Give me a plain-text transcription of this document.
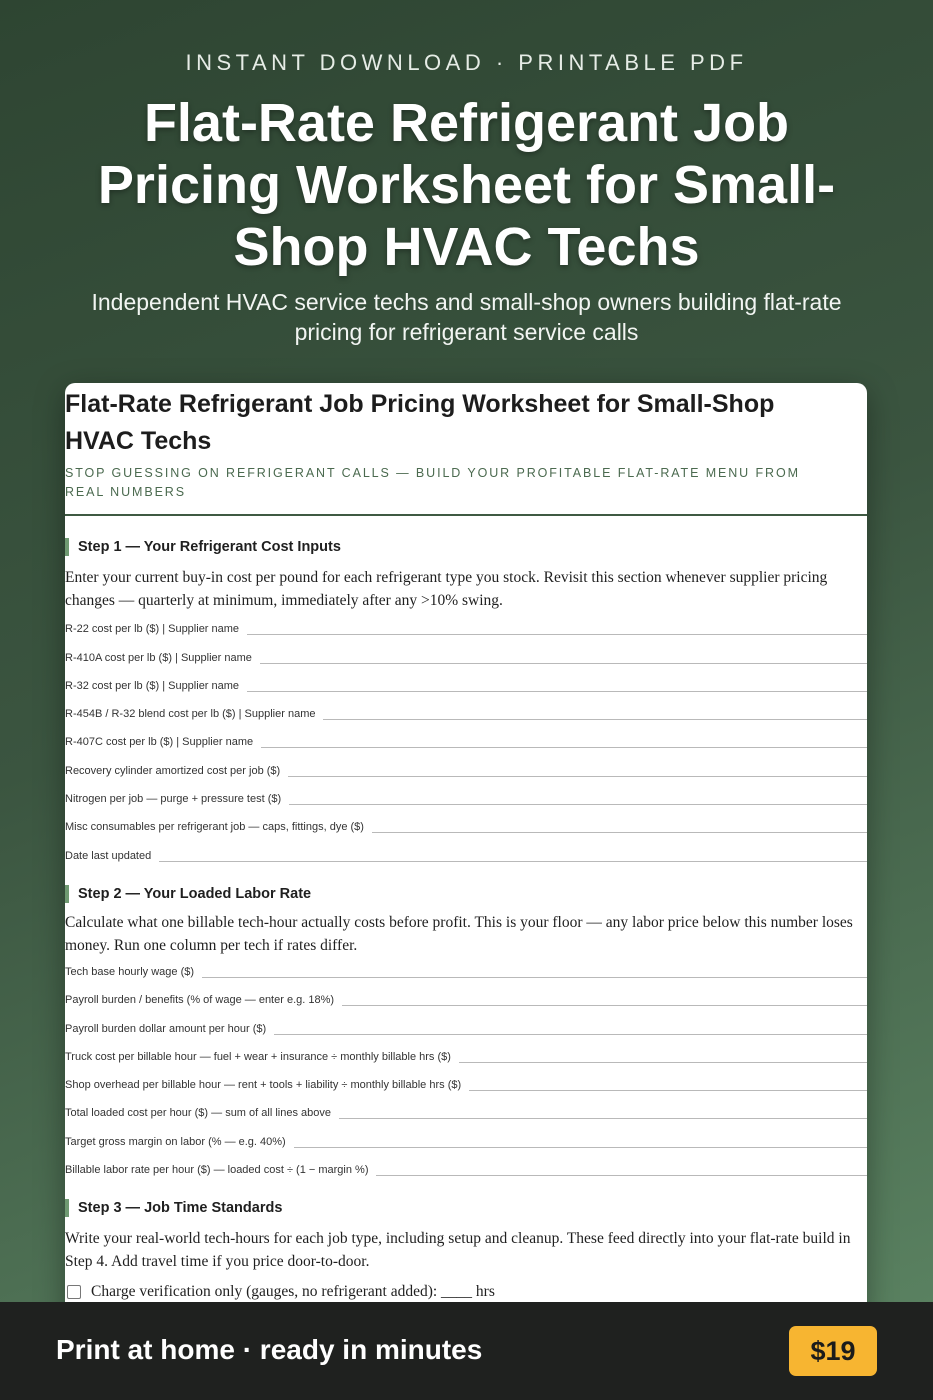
INSTANT DOWNLOAD · PRINTABLE PDF
Flat-Rate Refrigerant Job Pricing Worksheet for Small-Shop HVAC Techs

Independent HVAC service techs and small-shop owners building flat-rate pricing for refrigerant service calls

Flat-Rate Refrigerant Job Pricing Worksheet for Small-Shop HVAC Techs
STOP GUESSING ON REFRIGERANT CALLS — BUILD YOUR PROFITABLE FLAT-RATE MENU FROM REAL NUMBERS
Step 1 — Your Refrigerant Cost Inputs

Enter your current buy-in cost per pound for each refrigerant type you stock. Revisit this section whenever supplier pricing changes — quarterly at minimum, immediately after any >10% swing.

R-22 cost per lb ($) | Supplier name
R-410A cost per lb ($) | Supplier name
R-32 cost per lb ($) | Supplier name
R-454B / R-32 blend cost per lb ($) | Supplier name
R-407C cost per lb ($) | Supplier name
Recovery cylinder amortized cost per job ($)
Nitrogen per job — purge + pressure test ($)
Misc consumables per refrigerant job — caps, fittings, dye ($)
Date last updated
Step 2 — Your Loaded Labor Rate

Calculate what one billable tech-hour actually costs before profit. This is your floor — any labor price below this number loses money. Run one column per tech if rates differ.

Tech base hourly wage ($)
Payroll burden / benefits (% of wage — enter e.g. 18%)
Payroll burden dollar amount per hour ($)
Truck cost per billable hour — fuel + wear + insurance ÷ monthly billable hrs ($)
Shop overhead per billable hour — rent + tools + liability ÷ monthly billable hrs ($)
Total loaded cost per hour ($) — sum of all lines above
Target gross margin on labor (% — e.g. 40%)
Billable labor rate per hour ($) — loaded cost ÷ (1 − margin %)
Step 3 — Job Time Standards

Write your real-world tech-hours for each job type, including setup and cleanup. These feed directly into your flat-rate build in Step 4. Add travel time if you price door-to-door.

Charge verification only (gauges, no refrigerant added): ____ hrs
Print at home · ready in minutes	$19
